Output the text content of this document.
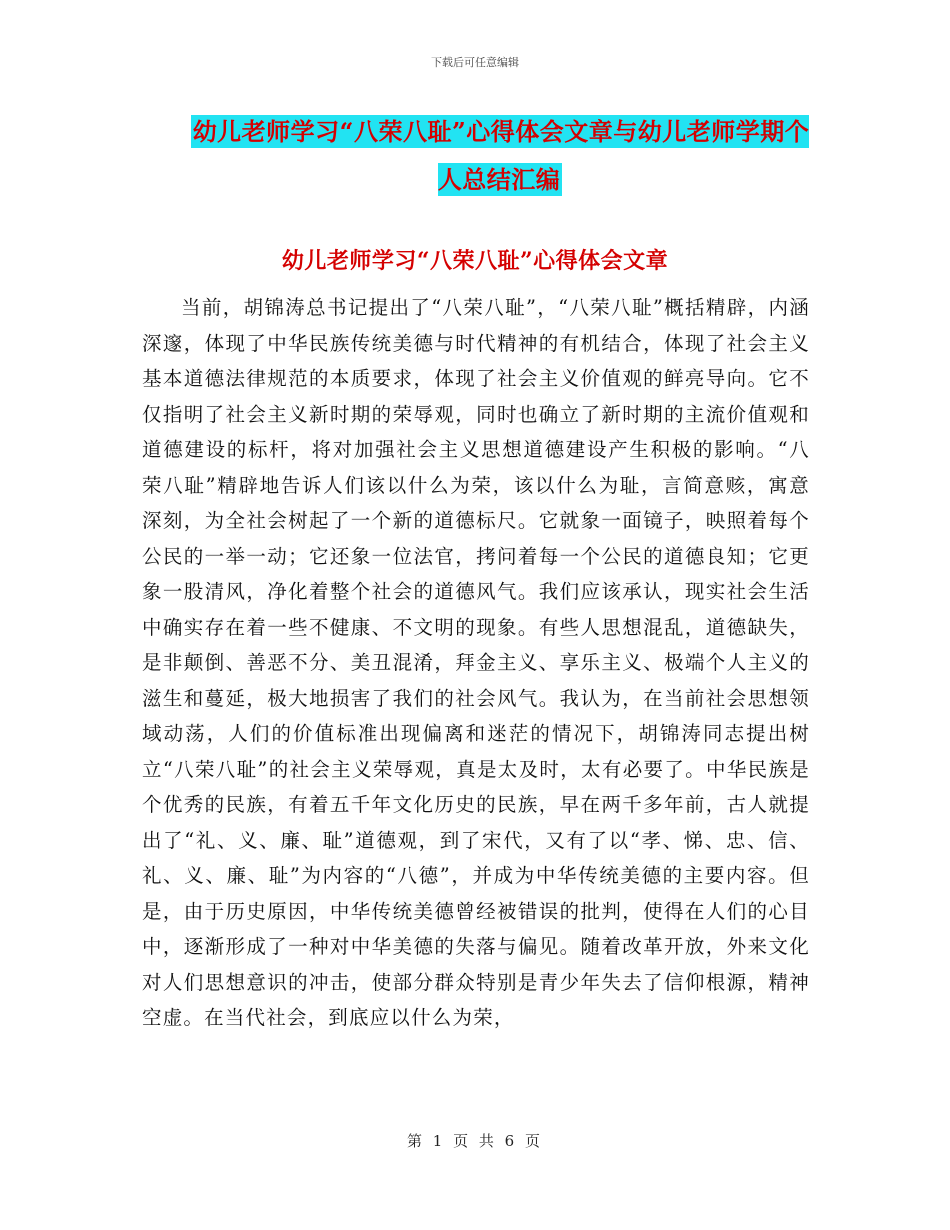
下载后可任意编辑
幼儿老师学习“八荣八耻”心得体会文章与幼儿老师学期个人总结汇编
幼儿老师学习“八荣八耻”心得体会文章

当前，胡锦涛总书记提出了“八荣八耻”，“八荣八耻”概括精辟，内涵深邃，体现了中华民族传统美德与时代精神的有机结合，体现了社会主义基本道德法律规范的本质要求，体现了社会主义价值观的鲜亮导向。它不仅指明了社会主义新时期的荣辱观，同时也确立了新时期的主流价值观和道德建设的标杆，将对加强社会主义思想道德建设产生积极的影响。“八荣八耻”精辟地告诉人们该以什么为荣，该以什么为耻，言简意赅，寓意深刻，为全社会树起了一个新的道德标尺。它就象一面镜子，映照着每个公民的一举一动；它还象一位法官，拷问着每一个公民的道德良知；它更象一股清风，净化着整个社会的道德风气。我们应该承认，现实社会生活中确实存在着一些不健康、不文明的现象。有些人思想混乱，道德缺失，是非颠倒、善恶不分、美丑混淆，拜金主义、享乐主义、极端个人主义的滋生和蔓延，极大地损害了我们的社会风气。我认为，在当前社会思想领域动荡，人们的价值标准出现偏离和迷茫的情况下，胡锦涛同志提出树立“八荣八耻”的社会主义荣辱观，真是太及时，太有必要了。中华民族是个优秀的民族，有着五千年文化历史的民族，早在两千多年前，古人就提出了“礼、义、廉、耻”道德观，到了宋代，又有了以“孝、悌、忠、信、礼、义、廉、耻”为内容的“八德”，并成为中华传统美德的主要内容。但是，由于历史原因，中华传统美德曾经被错误的批判，使得在人们的心目中，逐渐形成了一种对中华美德的失落与偏见。随着改革开放，外来文化对人们思想意识的冲击，使部分群众特别是青少年失去了信仰根源，精神空虚。在当代社会，到底应以什么为荣，

第 1 页 共 6 页
